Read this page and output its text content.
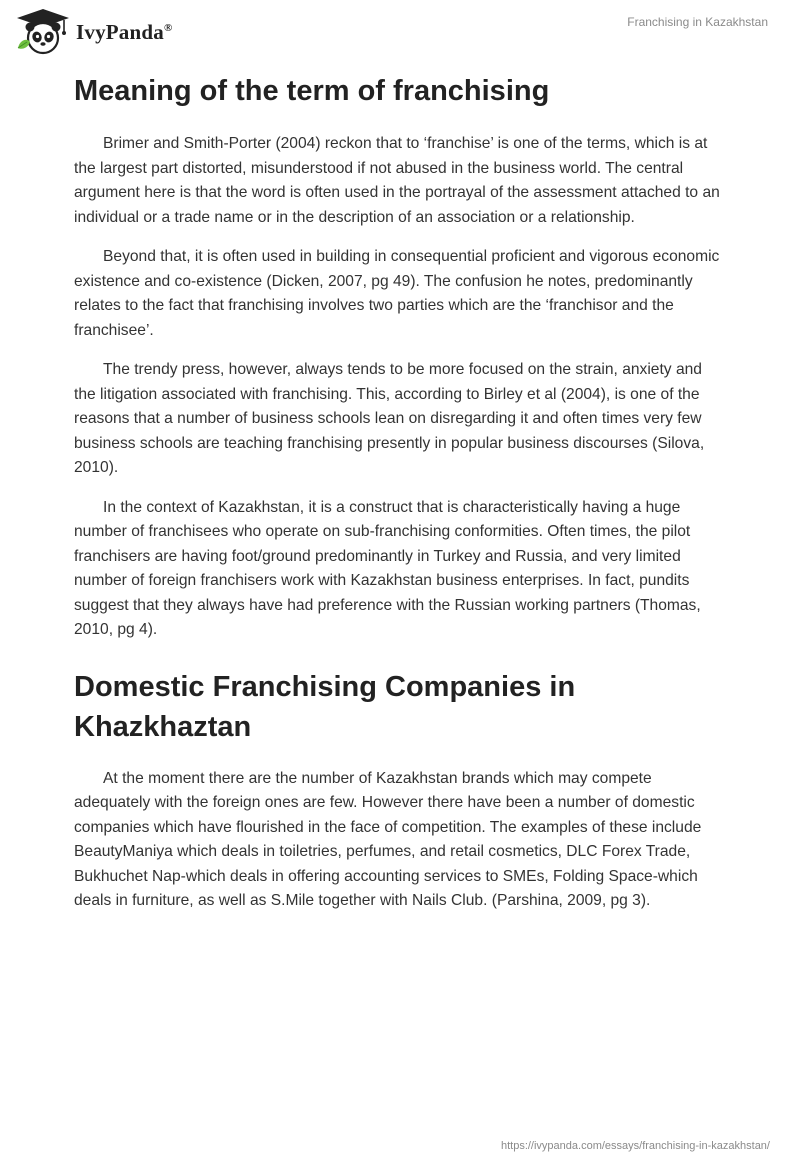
IvyPanda®	Franchising in Kazakhstan
Meaning of the term of franchising

Brimer and Smith-Porter (2004) reckon that to ‘franchise’ is one of the terms, which is at the largest part distorted, misunderstood if not abused in the business world. The central argument here is that the word is often used in the portrayal of the assessment attached to an individual or a trade name or in the description of an association or a relationship.

Beyond that, it is often used in building in consequential proficient and vigorous economic existence and co-existence (Dicken, 2007, pg 49). The confusion he notes, predominantly relates to the fact that franchising involves two parties which are the ‘franchisor and the franchisee’.

The trendy press, however, always tends to be more focused on the strain, anxiety and the litigation associated with franchising. This, according to Birley et al (2004), is one of the reasons that a number of business schools lean on disregarding it and often times very few business schools are teaching franchising presently in popular business discourses (Silova, 2010).

In the context of Kazakhstan, it is a construct that is characteristically having a huge number of franchisees who operate on sub-franchising conformities. Often times, the pilot franchisers are having foot/ground predominantly in Turkey and Russia, and very limited number of foreign franchisers work with Kazakhstan business enterprises. In fact, pundits suggest that they always have had preference with the Russian working partners (Thomas, 2010, pg 4).

Domestic Franchising Companies in Khazkhaztan

At the moment there are the number of Kazakhstan brands which may compete adequately with the foreign ones are few. However there have been a number of domestic companies which have flourished in the face of competition. The examples of these include BeautyManiya which deals in toiletries, perfumes, and retail cosmetics, DLC Forex Trade, Bukhuchet Nap-which deals in offering accounting services to SMEs, Folding Space-which deals in furniture, as well as S.Mile together with Nails Club. (Parshina, 2009, pg 3).

https://ivypanda.com/essays/franchising-in-kazakhstan/
